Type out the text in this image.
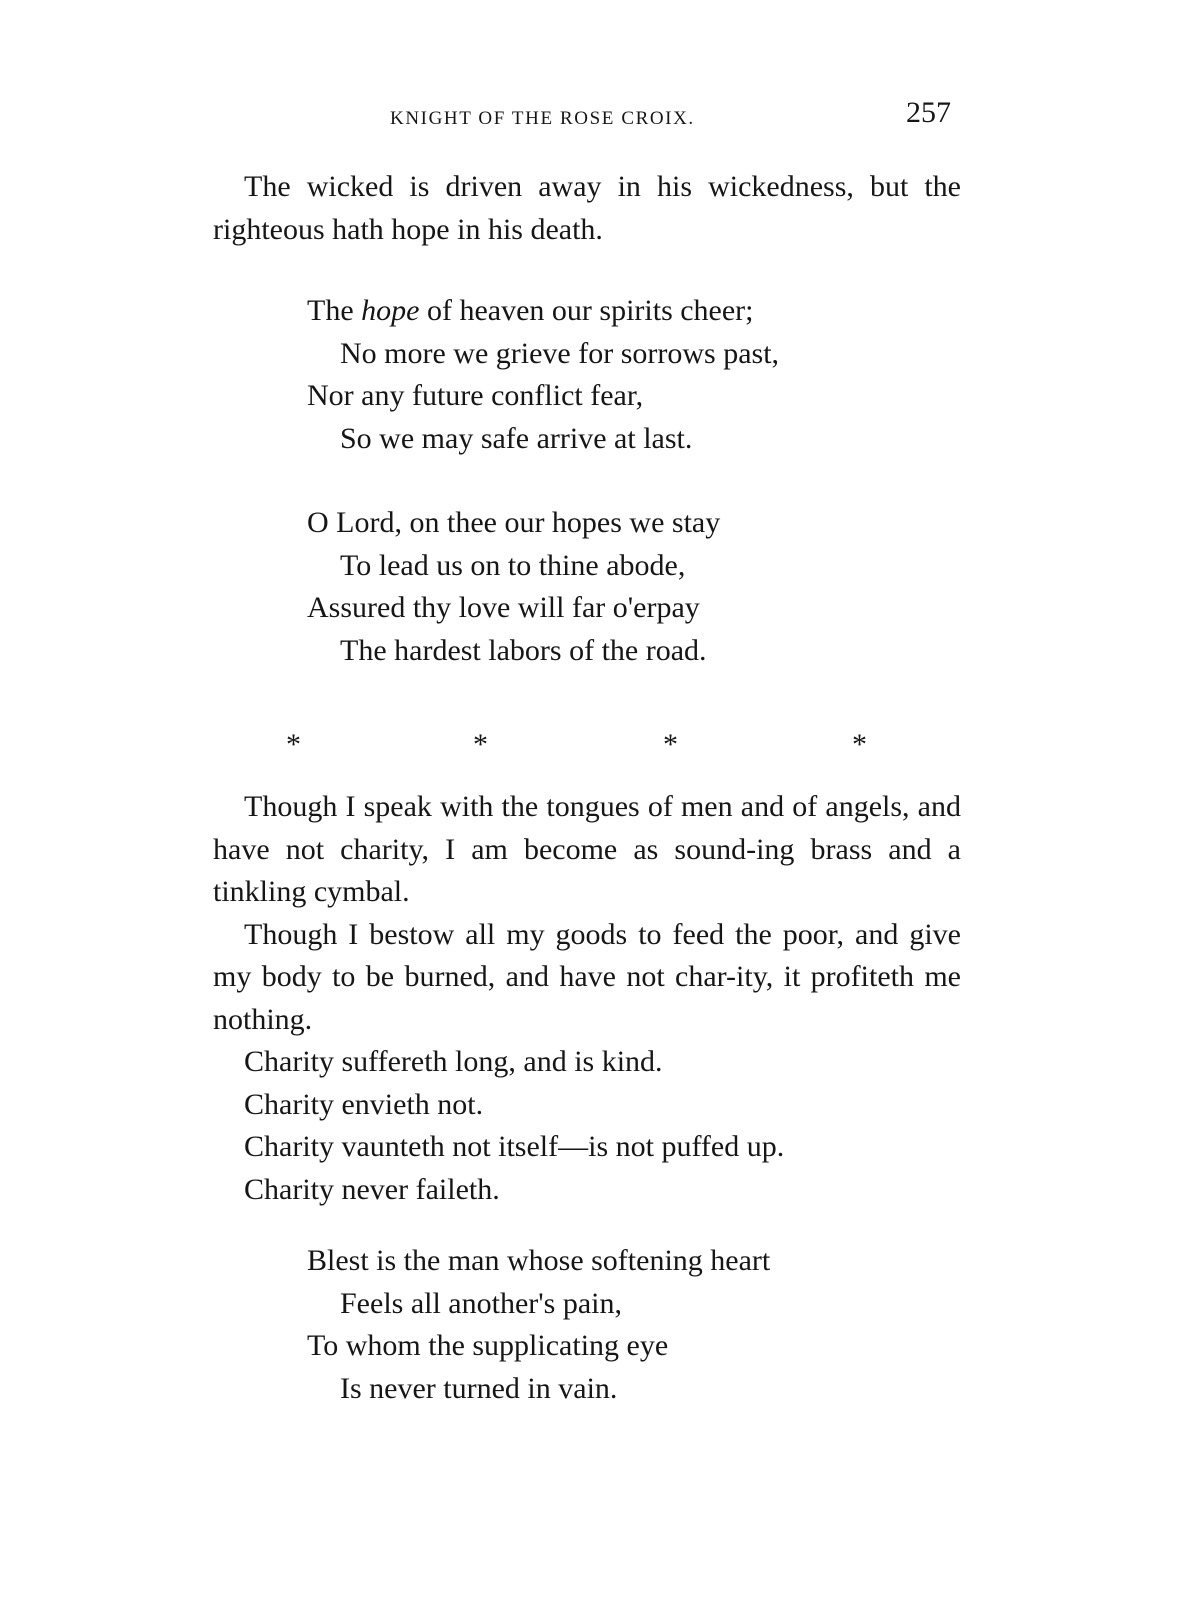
KNIGHT OF THE ROSE CROIX.	257

The wicked is driven away in his wickedness, but the righteous hath hope in his death.

The hope of heaven our spirits cheer;
No more we grieve for sorrows past,
Nor any future conflict fear,
So we may safe arrive at last.
O Lord, on thee our hopes we stay
To lead us on to thine abode,
Assured thy love will far o'erpay
The hardest labors of the road.
*	*	*	*

Though I speak with the tongues of men and of angels, and have not charity, I am become as sound-ing brass and a tinkling cymbal.

Though I bestow all my goods to feed the poor, and give my body to be burned, and have not char-ity, it profiteth me nothing.

Charity suffereth long, and is kind.

Charity envieth not.

Charity vaunteth not itself—is not puffed up.

Charity never faileth.

Blest is the man whose softening heart
Feels all another's pain,
To whom the supplicating eye
Is never turned in vain.
